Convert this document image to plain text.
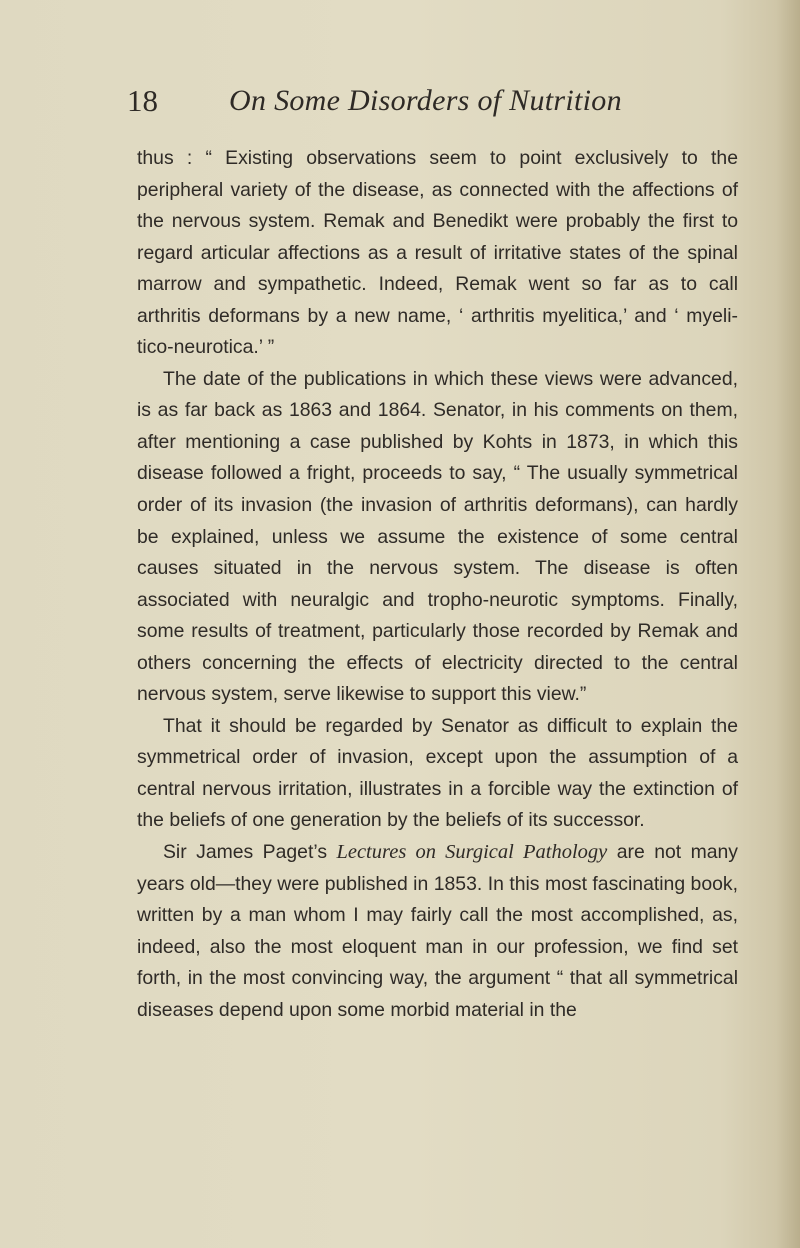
18 On Some Disorders of Nutrition

thus : “ Existing observations seem to point exclusively to the peripheral variety of the disease, as connected with the affections of the nervous system. Remak and Benedikt were probably the first to regard articular affections as a result of irritative states of the spinal marrow and sympathetic. Indeed, Remak went so far as to call arthritis deformans by a new name, ‘ arthritis myelitica,’ and ‘ myelitico-neurotica.’ ”

The date of the publications in which these views were advanced, is as far back as 1863 and 1864. Senator, in his comments on them, after mentioning a case published by Kohts in 1873, in which this disease followed a fright, proceeds to say, “ The usually symmetrical order of its invasion (the invasion of arthritis deformans), can hardly be explained, unless we assume the existence of some central causes situated in the nervous system. The disease is often associated with neuralgic and tropho-neurotic symptoms. Finally, some results of treatment, particularly those recorded by Remak and others concerning the effects of electricity directed to the central nervous system, serve likewise to support this view.”

That it should be regarded by Senator as difficult to explain the symmetrical order of invasion, except upon the assumption of a central nervous irritation, illustrates in a forcible way the extinction of the beliefs of one generation by the beliefs of its successor.

Sir James Paget’s Lectures on Surgical Pathology are not many years old—they were published in 1853. In this most fascinating book, written by a man whom I may fairly call the most accomplished, as, indeed, also the most eloquent man in our profession, we find set forth, in the most convincing way, the argument “ that all symmetrical diseases depend upon some morbid material in the
